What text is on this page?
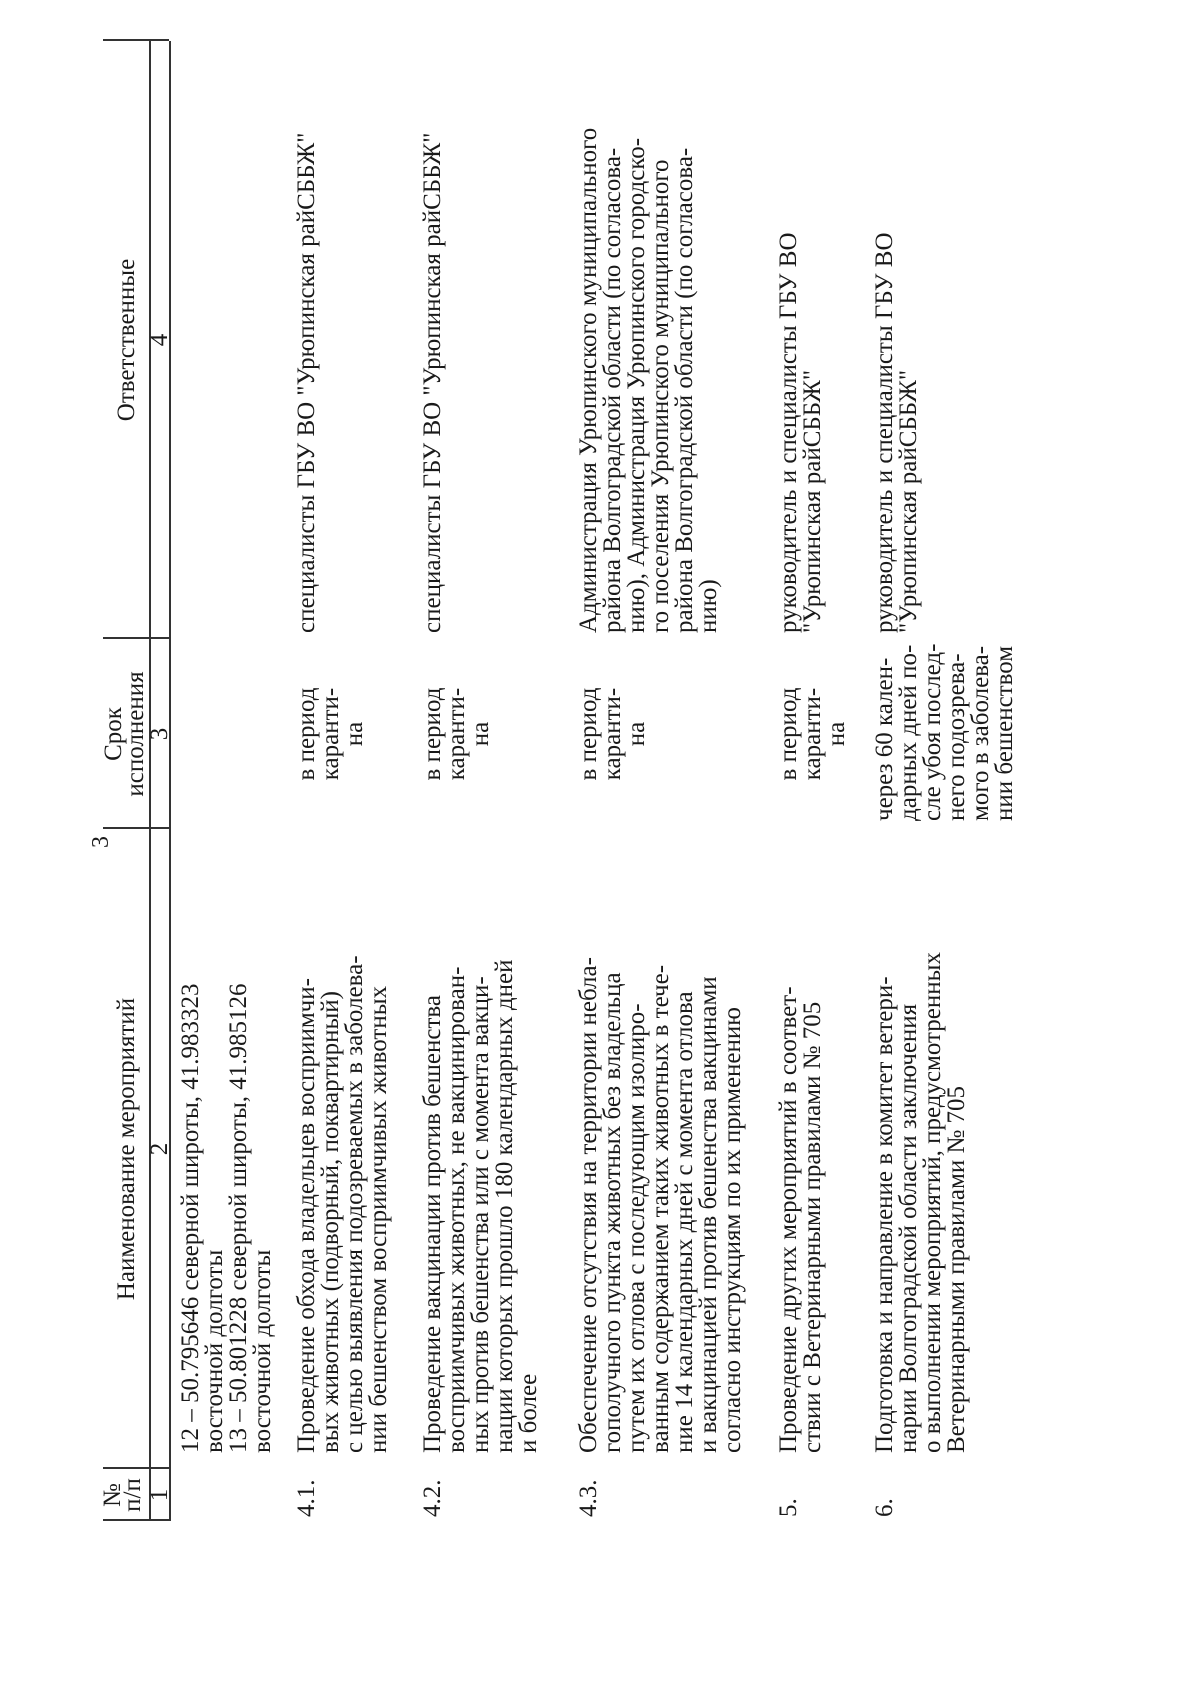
3
№
п/п
Наименование мероприятий
Срок
исполнения
Ответственные
1
2
3
4
12 – 50.795646 северной широты, 41.983323
восточной долготы
13 – 50.801228 северной широты, 41.985126
восточной долготы
4.1.
Проведение обхода владельцев восприимчи-
вых животных (подворный, поквартирный)
с целью выявления подозреваемых в заболева-
нии бешенством восприимчивых животных
в период каранти-
на
специалисты ГБУ ВО "Урюпинская райСББЖ"
4.2.
Проведение вакцинации против бешенства
восприимчивых животных, не вакцинирован-
ных против бешенства или с момента вакци-
нации которых прошло 180 календарных дней
и более
в период каранти-
на
специалисты ГБУ ВО "Урюпинская райСББЖ"
4.3.
Обеспечение отсутствия на территории небла-
гополучного пункта животных без владельца
путем их отлова с последующим изолиро-
ванным содержанием таких животных в тече-
ние 14 календарных дней с момента отлова
и вакцинацией против бешенства вакцинами
согласно инструкциям по их применению
в период каранти-
на
Администрация Урюпинского муниципального
района Волгоградской области (по согласова-
нию), Администрация Урюпинского городско-
го поселения Урюпинского муниципального
района Волгоградской области (по согласова-
нию)
5.
Проведение других мероприятий в соответ-
ствии с Ветеринарными правилами № 705
в период каранти-
на
руководитель и специалисты ГБУ ВО
"Урюпинская райСББЖ"
6.
Подготовка и направление в комитет ветери-
нарии Волгоградской области заключения
о выполнении мероприятий, предусмотренных
Ветеринарными правилами № 705
через 60 кален-
дарных дней по-
сле убоя послед-
него подозрева-
мого в заболева-
нии бешенством
руководитель и специалисты ГБУ ВО
"Урюпинская райСББЖ"
